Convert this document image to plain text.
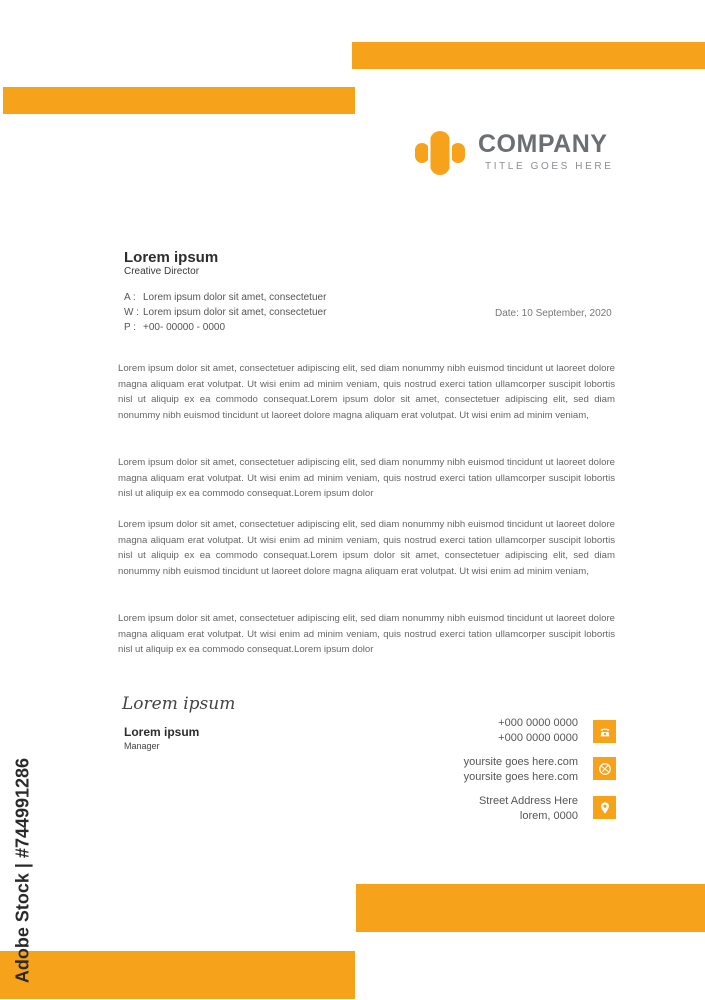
COMPANY
TITLE GOES HERE
Lorem ipsum
Creative Director
A : Lorem ipsum dolor sit amet, consectetuer
W : Lorem ipsum dolor sit amet, consectetuer
P : +00- 00000 - 0000
Date: 10 September, 2020

Lorem ipsum dolor sit amet, consectetuer adipiscing elit, sed diam nonummy nibh euismod tincidunt ut laoreet dolore magna aliquam erat volutpat. Ut wisi enim ad minim veniam, quis nostrud exerci tation ullamcorper suscipit lobortis nisl ut aliquip ex ea commodo consequat.Lorem ipsum dolor sit amet, consectetuer adipiscing elit, sed diam nonummy nibh euismod tincidunt ut laoreet dolore magna aliquam erat volutpat. Ut wisi enim ad minim veniam,

Lorem ipsum dolor sit amet, consectetuer adipiscing elit, sed diam nonummy nibh euismod tincidunt ut laoreet dolore magna aliquam erat volutpat. Ut wisi enim ad minim veniam, quis nostrud exerci tation ullamcorper suscipit lobortis nisl ut aliquip ex ea commodo consequat.Lorem ipsum dolor

Lorem ipsum dolor sit amet, consectetuer adipiscing elit, sed diam nonummy nibh euismod tincidunt ut laoreet dolore magna aliquam erat volutpat. Ut wisi enim ad minim veniam, quis nostrud exerci tation ullamcorper suscipit lobortis nisl ut aliquip ex ea commodo consequat.Lorem ipsum dolor sit amet, consectetuer adipiscing elit, sed diam nonummy nibh euismod tincidunt ut laoreet dolore magna aliquam erat volutpat. Ut wisi enim ad minim veniam,

Lorem ipsum dolor sit amet, consectetuer adipiscing elit, sed diam nonummy nibh euismod tincidunt ut laoreet dolore magna aliquam erat volutpat. Ut wisi enim ad minim veniam, quis nostrud exerci tation ullamcorper suscipit lobortis nisl ut aliquip ex ea commodo consequat.Lorem ipsum dolor

Lorem ipsum
Lorem ipsum
Manager
+000 0000 0000
+000 0000 0000
yoursite goes here.com
yoursite goes here.com
Street Address Here
lorem, 0000
Adobe Stock | #744991286
